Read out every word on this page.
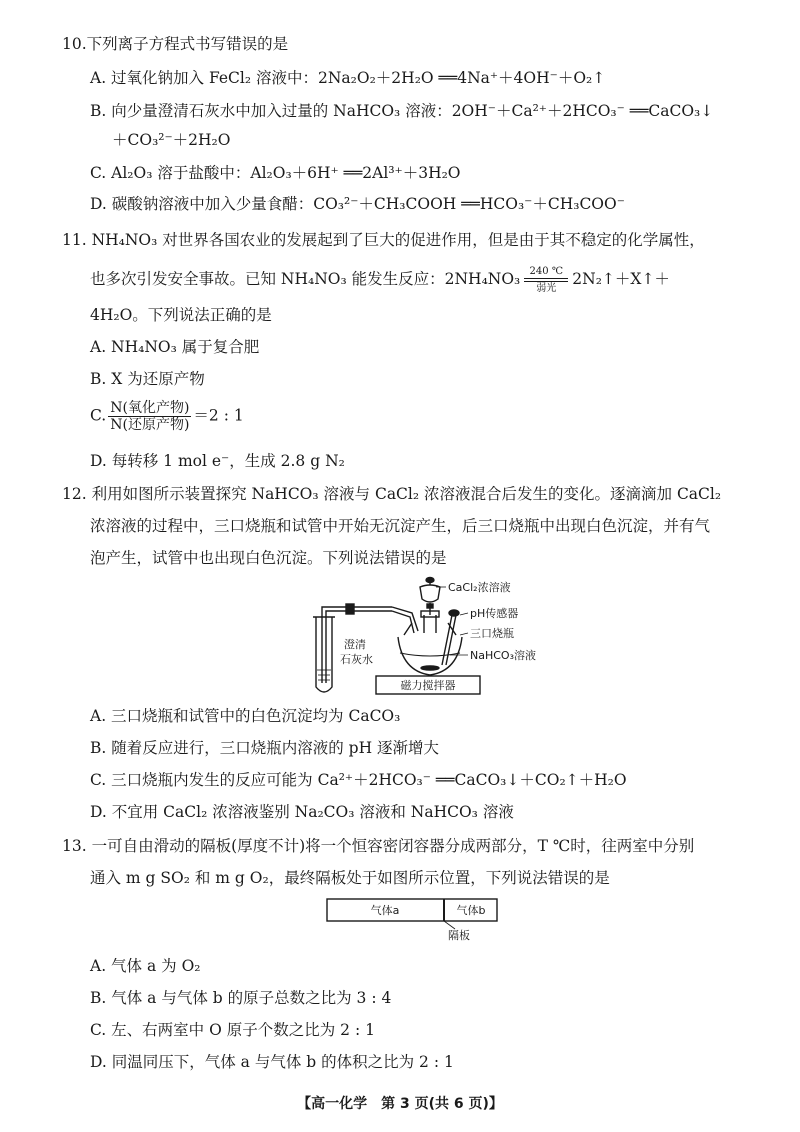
10.下列离子方程式书写错误的是
A. 过氧化钠加入 FeCl₂ 溶液中：2Na₂O₂＋2H₂O ══4Na⁺＋4OH⁻＋O₂↑
B. 向少量澄清石灰水中加入过量的 NaHCO₃ 溶液：2OH⁻＋Ca²⁺＋2HCO₃⁻ ══CaCO₃↓
＋CO₃²⁻＋2H₂O
C. Al₂O₃ 溶于盐酸中：Al₂O₃＋6H⁺ ══2Al³⁺＋3H₂O
D. 碳酸钠溶液中加入少量食醋：CO₃²⁻＋CH₃COOH ══HCO₃⁻＋CH₃COO⁻
11. NH₄NO₃ 对世界各国农业的发展起到了巨大的促进作用，但是由于其不稳定的化学属性，
也多次引发安全事故。已知 NH₄NO₃ 能发生反应：2NH₄NO₃ 240 ℃
弱光
2N₂↑＋X↑＋
4H₂O。下列说法正确的是
A. NH₄NO₃ 属于复合肥
B. X 为还原产物
C. $\frac{\text{N(氧化产物)}}{\text{N(还原产物)}} =2$ : 1
D. 每转移 1 mol e⁻，生成 2.8 g N₂
12. 利用如图所示装置探究 NaHCO₃ 溶液与 CaCl₂ 浓溶液混合后发生的变化。逐滴滴加 CaCl₂
浓溶液的过程中，三口烧瓶和试管中开始无沉淀产生，后三口烧瓶中出现白色沉淀，并有气
泡产生，试管中也出现白色沉淀。下列说法错误的是
磁力搅拌器
CaCl₂浓溶液
pH传感器
三口烧瓶
NaHCO₃溶液
澄清
石灰水
A. 三口烧瓶和试管中的白色沉淀均为 CaCO₃
B. 随着反应进行，三口烧瓶内溶液的 pH 逐渐增大
C. 三口烧瓶内发生的反应可能为 Ca²⁺＋2HCO₃⁻ ══CaCO₃↓＋CO₂↑＋H₂O
D. 不宜用 CaCl₂ 浓溶液鉴别 Na₂CO₃ 溶液和 NaHCO₃ 溶液
13. 一可自由滑动的隔板(厚度不计)将一个恒容密闭容器分成两部分，T ℃时，往两室中分别
通入 m g SO₂ 和 m g O₂，最终隔板处于如图所示位置，下列说法错误的是
气体a	气体b
隔板
A. 气体 a 为 O₂
B. 气体 a 与气体 b 的原子总数之比为 3 : 4
C. 左、右两室中 O 原子个数之比为 2 : 1
D. 同温同压下，气体 a 与气体 b 的体积之比为 2 : 1
【高一化学　第 3 页(共 6 页)】
